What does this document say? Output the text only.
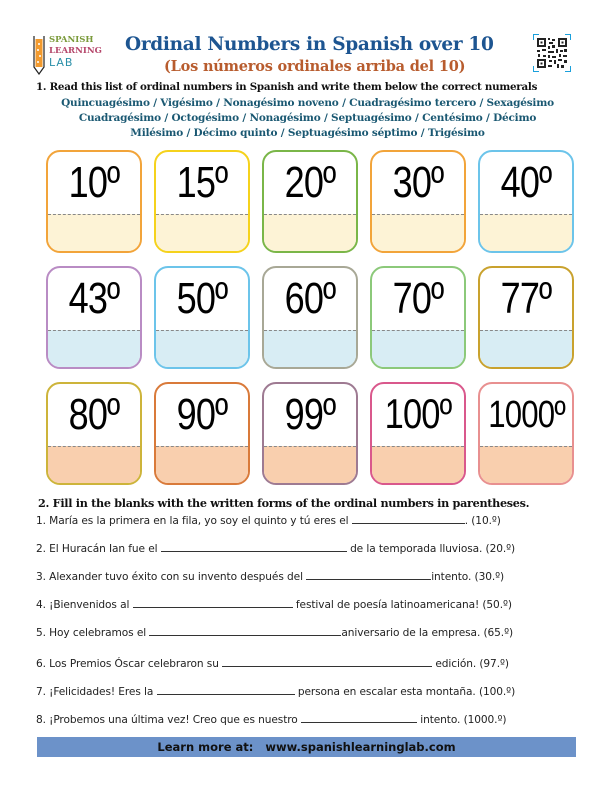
SPANISH
LEARNING
LAB
Ordinal Numbers in Spanish over 10
(Los números ordinales arriba del 10)
1. Read this list of ordinal numbers in Spanish and write them below the correct numerals
Quincuagésimo / Vigésimo / Nonagésimo noveno / Cuadragésimo tercero / Sexagésimo
Cuadragésimo / Octogésimo / Nonagésimo / Septuagésimo / Centésimo / Décimo
Milésimo / Décimo quinto / Septuagésimo séptimo / Trigésimo
10º 15º 20º 30º 40º
43º 50º 60º 70º 77º
80º 90º 99º 100º 1000º
2. Fill in the blanks with the written forms of the ordinal numbers in parentheses.
1. María es la primera en la fila, yo soy el quinto y tú eres el	. (10.º)
2. El Huracán Ian fue el	de la temporada lluviosa. (20.º)
3. Alexander tuvo éxito con su invento después del	intento. (30.º)
4. ¡Bienvenidos al	festival de poesía latinoamericana! (50.º)
5. Hoy celebramos el	aniversario de la empresa. (65.º)
6. Los Premios Óscar celebraron su	edición. (97.º)
7. ¡Felicidades! Eres la	persona en escalar esta montaña. (100.º)
8. ¡Probemos una última vez! Creo que es nuestro	intento. (1000.º)
Learn more at: www.spanishlearninglab.com
